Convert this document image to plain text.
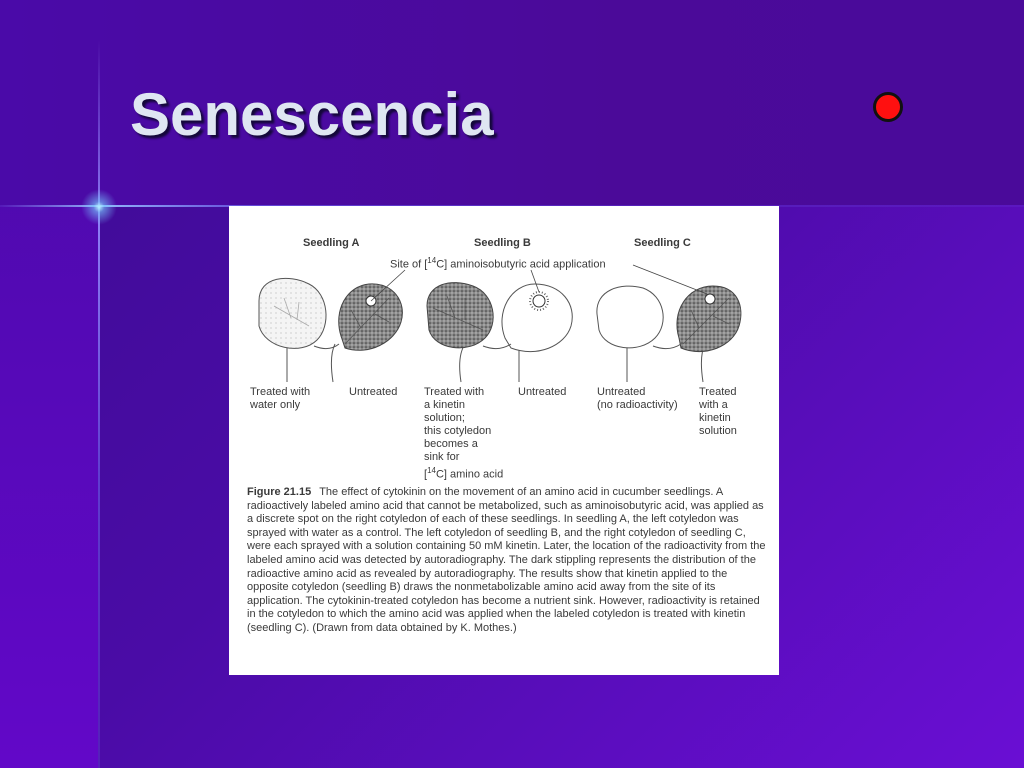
Senescencia
Seedling A	Seedling B	Seedling C
Site of [$^{14}$C] aminoisobutyric acid application
Treated with
water only
Untreated Treated with
a kinetin
solution;
this cotyledon
becomes a
sink for
[$^{14}$C] amino acid
Untreated	Untreated
(no radioactivity)
Treated
with a
kinetin
solution

Figure 21.15 The effect of cytokinin on the movement of an amino acid in cucumber seedlings. A radioactively labeled amino acid that cannot be metabolized, such as aminoisobutyric acid, was applied as a discrete spot on the right cotyledon of each of these seedlings. In seedling A, the left cotyledon was sprayed with water as a control. The left cotyledon of seedling B, and the right cotyledon of seedling C, were each sprayed with a solution containing 50 mM kinetin. Later, the location of the radioactivity from the labeled amino acid was detected by autoradiography. The dark stippling represents the distribution of the radioactive amino acid as revealed by autoradiography. The results show that kinetin applied to the opposite cotyledon (seedling B) draws the nonmetabolizable amino acid away from the site of its application. The cytokinin-treated cotyledon has become a nutrient sink. However, radioactivity is retained in the cotyledon to which the amino acid was applied when the labeled cotyledon is treated with kinetin (seedling C). (Drawn from data obtained by K. Mothes.)
